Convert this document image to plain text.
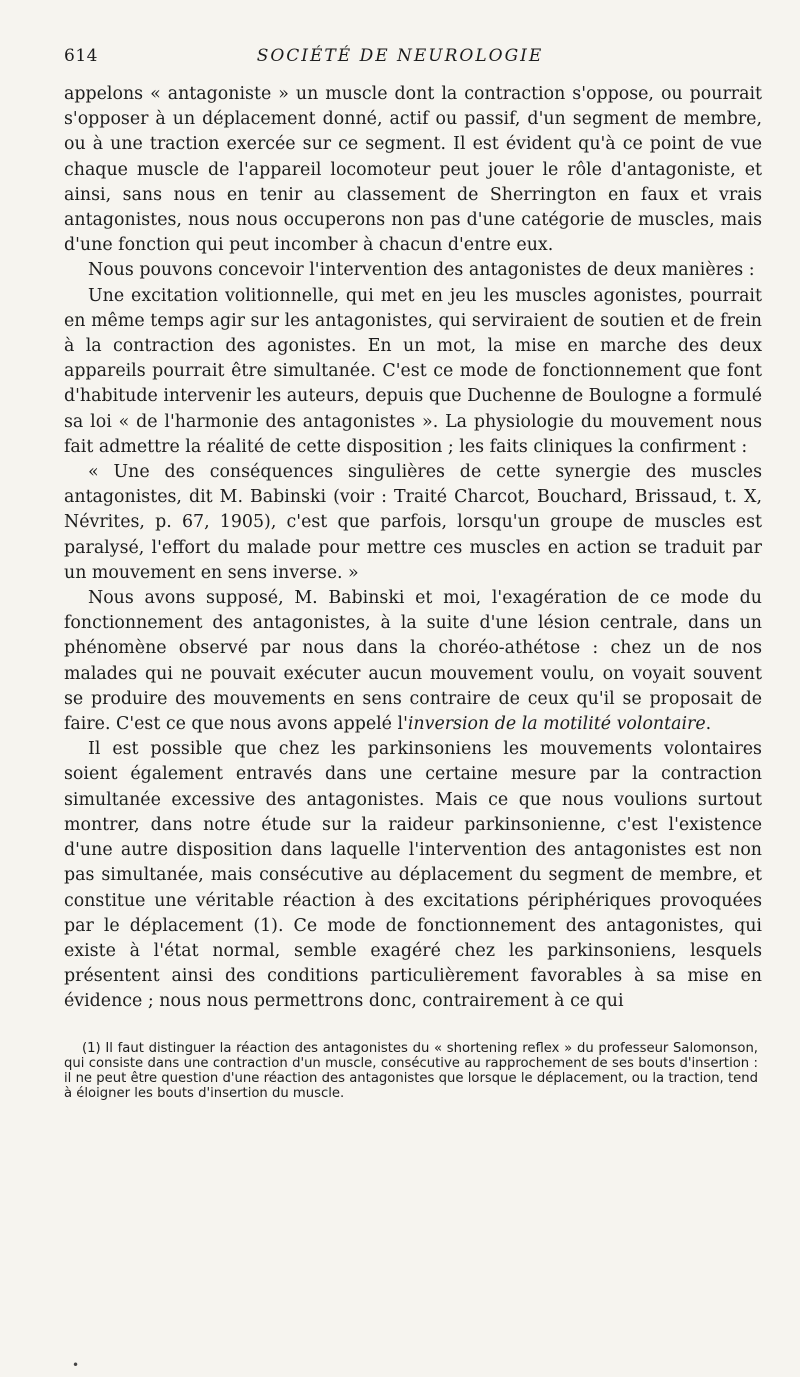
614	SOCIÉTÉ DE NEUROLOGIE

appelons « antagoniste » un muscle dont la contraction s'oppose, ou pourrait s'opposer à un déplacement donné, actif ou passif, d'un segment de membre, ou à une traction exercée sur ce segment. Il est évident qu'à ce point de vue chaque muscle de l'appareil locomoteur peut jouer le rôle d'antagoniste, et ainsi, sans nous en tenir au classement de Sherrington en faux et vrais antagonistes, nous nous occuperons non pas d'une catégorie de muscles, mais d'une fonction qui peut incomber à chacun d'entre eux.

Nous pouvons concevoir l'intervention des antagonistes de deux manières :

Une excitation volitionnelle, qui met en jeu les muscles agonistes, pourrait en même temps agir sur les antagonistes, qui serviraient de soutien et de frein à la contraction des agonistes. En un mot, la mise en marche des deux appareils pourrait être simultanée. C'est ce mode de fonctionnement que font d'habitude intervenir les auteurs, depuis que Duchenne de Boulogne a formulé sa loi « de l'harmonie des antagonistes ». La physiologie du mouvement nous fait admettre la réalité de cette disposition ; les faits cliniques la confirment :

« Une des conséquences singulières de cette synergie des muscles antagonistes, dit M. Babinski (voir : Traité Charcot, Bouchard, Brissaud, t. X, Névrites, p. 67, 1905), c'est que parfois, lorsqu'un groupe de muscles est paralysé, l'effort du malade pour mettre ces muscles en action se traduit par un mouvement en sens inverse. »

Nous avons supposé, M. Babinski et moi, l'exagération de ce mode du fonctionnement des antagonistes, à la suite d'une lésion centrale, dans un phénomène observé par nous dans la choréo-athétose : chez un de nos malades qui ne pouvait exécuter aucun mouvement voulu, on voyait souvent se produire des mouvements en sens contraire de ceux qu'il se proposait de faire. C'est ce que nous avons appelé l'inversion de la motilité volontaire.

Il est possible que chez les parkinsoniens les mouvements volontaires soient également entravés dans une certaine mesure par la contraction simultanée excessive des antagonistes. Mais ce que nous voulions surtout montrer, dans notre étude sur la raideur parkinsonienne, c'est l'existence d'une autre disposition dans laquelle l'intervention des antagonistes est non pas simultanée, mais consécutive au déplacement du segment de membre, et constitue une véritable réaction à des excitations périphériques provoquées par le déplacement (1). Ce mode de fonctionnement des antagonistes, qui existe à l'état normal, semble exagéré chez les parkinsoniens, lesquels présentent ainsi des conditions particulièrement favorables à sa mise en évidence ; nous nous permettrons donc, contrairement à ce qui

(1) Il faut distinguer la réaction des antagonistes du « shortening reflex » du professeur Salomonson, qui consiste dans une contraction d'un muscle, consécutive au rapprochement de ses bouts d'insertion : il ne peut être question d'une réaction des antagonistes que lorsque le déplacement, ou la traction, tend à éloigner les bouts d'insertion du muscle.

•
